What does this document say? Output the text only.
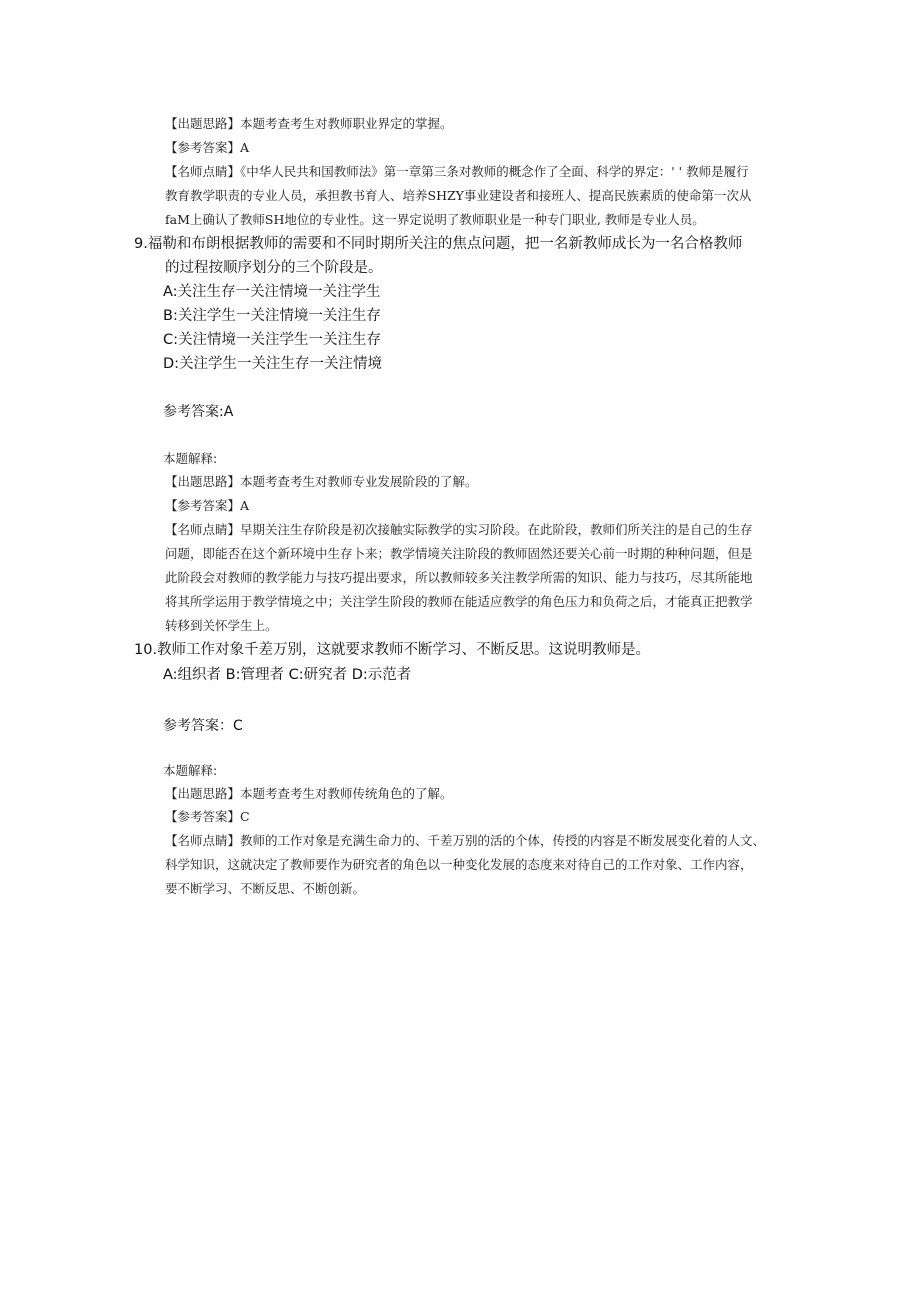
【出题思路】本题考查考生对教师职业界定的掌握。
【参考答案】A
【名师点睛】《中华人民共和国教师法》第一章第三条对教师的概念作了全面、科学的界定：' ' 教师是履行
教育教学职责的专业人员，承担教书育人、培养SHZY事业建设者和接班人、提高民族素质的使命第一次从
faM上确认了教师SH地位的专业性。这一界定说明了教师职业是一种专门职业, 教师是专业人员。
9.福勒和布朗根据教师的需要和不同时期所关注的焦点问题，把一名新教师成长为一名合格教师
的过程按顺序划分的三个阶段是。
A:关注生存一关注情境一关注学生
B:关注学生一关注情境一关注生存
C:关注情境一关注学生一关注生存
D:关注学生一关注生存一关注情境
参考答案:A
本题解释:
【出题思路】本题考查考生对教师专业发展阶段的了解。
【参考答案】A
【名师点睛】早期关注生存阶段是初次接触实际教学的实习阶段。在此阶段，教师们所关注的是自己的生存
问题，即能否在这个新环境中生存卜来；教学情境关注阶段的教师固然还要关心前一时期的种种问题，但是
此阶段会对教师的教学能力与技巧提出要求，所以教师较多关注教学所需的知识、能力与技巧，尽其所能地
将其所学运用于教学情境之中；关注学生阶段的教师在能适应教学的角色压力和负荷之后，才能真正把教学
转移到关怀学生上。
10.教师工作对象千差万别，这就要求教师不断学习、不断反思。这说明教师是。
A:组织者 B:管理者 C:研究者 D:示范者
参考答案：C
本题解释:
【出题思路】本题考查考生对教师传统角色的了解。
【参考答案】C
【名师点睛】教师的工作对象是充满生命力的、千差万别的活的个体，传授的内容是不断发展变化着的人文、
科学知识，这就决定了教师要作为研究者的角色以一种变化发展的态度来对待自己的工作对象、工作内容，
要不断学习、不断反思、不断创新。
